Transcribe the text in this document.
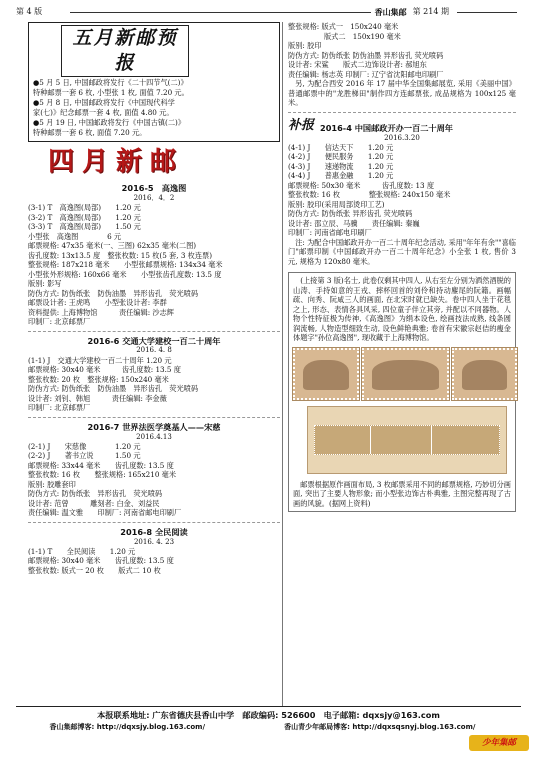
第 4 版	香山集邮 第 214 期
五月新邮预报

●5 月 5 日, 中国邮政将发行《二十四节气(二)》

特种邮票一套 6 枚, 小型张 1 枚, 面值 7.20 元。

●5 月 8 日, 中国邮政将发行《中国现代科学

家(七)》纪念邮票一套 4 枚, 面值 4.80 元。

●5 月 19 日, 中国邮政将发行《中国古镇(二)》

特种邮票一套 6 枚, 面值 7.20 元。

四月新邮
2016-5　高逸图
2016．4．2
(3-1) T　高逸图(局部)　　1.20 元
(3-2) T　高逸图(局部)　　1.20 元
(3-3) T　高逸图(局部)　　1.50 元
小型张　高逸图　　　　6 元
邮票规格: 47x35 毫米(一、三图) 62x35 毫米(二图)
齿孔度数: 13x13.5 度　整张枚数: 15 枚(5 套, 3 枚连票)
整张规格: 187x218 毫米　　小型张邮票规格: 134x34 毫米
小型张外形规格: 160x66 毫米　　小型张齿孔度数: 13.5 度
版别: 影写
防伪方式: 防伪纸张　防伪油墨　异形齿孔　荧光喷码
邮票设计者: 王虎鸣　　小型张设计者: 李群
资料提供: 上海博物馆　　　责任编辑: 沙志辉
印制厂: 北京邮票厂
2016-6 交通大学建校一百二十周年
2016. 4. 8
(1-1) J　交通大学建校一百二十周年 1.20 元
邮票规格: 30x40 毫米　　　齿孔度数: 13.5 度
整张枚数: 20 枚　整张规格: 150x240 毫米
防伪方式: 防伪纸张　防伪油墨　异形齿孔　荧光喷码
设计者: 刘钊、韩旭　　　责任编辑: 李金薇
印制厂: 北京邮票厂
2016-7 世界法医学奠基人——宋慈
2016.4.13
(2-1) J　　宋慈像　　　　1.20 元
(2-2) J　　著书立说　　　1.50 元
邮票规格: 33x44 毫米　　齿孔度数: 13.5 度
整张枚数: 16 枚　　整张规格: 165x210 毫米
版别: 胶雕套印
防伪方式: 防伪纸张　异形齿孔　荧光喷码
设计者: 范曾　　　雕刻者: 白金、刘益民
责任编辑: 温文雅　　印制厂: 河南省邮电印刷厂
2016-8 全民阅读
2016. 4. 23
(1-1) T　　全民阅读　　1.20 元
邮票规格: 30x40 毫米　　齿孔度数: 13.5 度
整张枚数: 版式一 20 枚　　版式二 10 枚
整张规格: 版式一　150x240 毫米
　　　　　版式二　150x190 毫米
版别: 胶印
防伪方式: 防伪纸张 防伪油墨 异形齿孔 荧光喷码
设计者: 宋鲨　　版式二边饰设计者: 郝旭东
责任编辑: 杨志英 印制厂: 辽宁省沈阳邮电印刷厂
另, 为配合西安 2016 年 17 届中华全国集邮展览, 采用《美丽中国》普通邮票中的"龙胜梯田"制作四方连邮票张, 成品规格为 100x125 毫米。
补报 2016-4 中国邮政开办一百二十周年
2016.3.20
(4-1) J　　信达天下　　1.20 元
(4-2) J　　便民服务　　1.20 元
(4-3) J　　速递物流　　1.20 元
(4-4) J　　普惠金融　　1.20 元
邮票规格: 50x30 毫米　　　齿孔度数: 13 度
整张枚数: 16 枚　　　　整张规格: 240x150 毫米
版别: 胶印(采用局部烫印工艺)
防伪方式: 防伪纸张 异形齿孔 荧光喷码
设计者: 邵立辰、马骥　　责任编辑: 秦巍
印制厂: 河南省邮电印刷厂
注: 为配合中国邮政开办一百二十周年纪念活动, 采用"年年有余""喜临门"邮票印制《中国邮政开办一百二十周年纪念》小全张 1 枚, 售价 3 元, 规格为 120x80 毫米。
(上接第 3 版)名士, 此卷仅剩其中四人, 从右至左分别为洒然酒脱的山涛、手持如意的王戎、摔杯回首的刘伶和持动麈尾的阮籍。画幅疏、向秀、阮咸三人的画面, 在北宋时就已缺失。卷中四人坐于花毯之上, 形态、表情各具风采, 四位童子伴立其旁, 并配以不同器物。人物个性特征极为传神,《高逸图》为绢本设色, 绘画技法成熟, 线条圆润流畅, 人物造型细致生动, 设色鲜艳典雅; 卷首有宋徽宗赵佶的瘦金体题字"孙位高逸图", 现收藏于上海博物馆。
邮票根据原作画面布局, 3 枚邮票采用不同的邮票规格, 巧妙切分画面, 突出了主要人物形象; 而小型张边饰古朴典雅, 主图完整再现了古画的风貌。(据网上资料)
本报联系地址: 广东省德庆县香山中学　邮政编码: 526600　电子邮箱: dqxsjy@163.com
香山集邮博客: http://dqxsjy.blog.163.com/	香山青少年邮局博客: http://dqxsqsnyj.blog.163.com/
少年集邮
